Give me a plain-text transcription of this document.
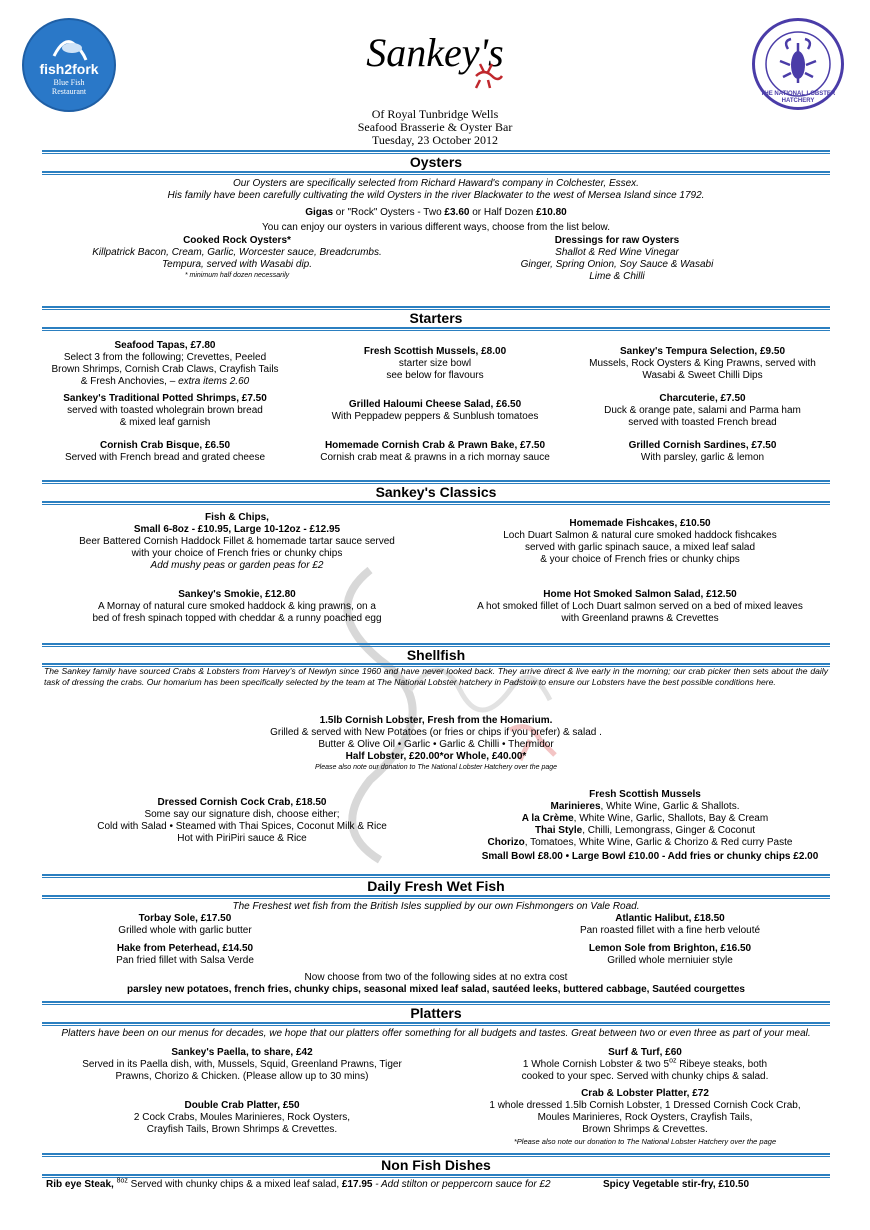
fish2fork
Blue Fish Restaurant	THE NATIONAL LOBSTER HATCHERY
Sankey's
Of Royal Tunbridge Wells
Seafood Brasserie & Oyster Bar
Tuesday, 23 October 2012
Oysters
Our Oysters are specifically selected from Richard Haward's company in Colchester, Essex.
His family have been carefully cultivating the wild Oysters in the river Blackwater to the west of Mersea Island since 1792.
Gigas or "Rock" Oysters - Two £3.60 or Half Dozen £10.80
You can enjoy our oysters in various different ways, choose from the list below.
Cooked Rock Oysters*
Killpatrick Bacon, Cream, Garlic, Worcester sauce, Breadcrumbs.
Tempura, served with Wasabi dip.
* minimum half dozen necessarily
Dressings for raw Oysters
Shallot & Red Wine Vinegar
Ginger, Spring Onion, Soy Sauce & Wasabi
Lime & Chilli
Starters
Seafood Tapas, £7.80
Select 3 from the following; Crevettes, Peeled
Brown Shrimps, Cornish Crab Claws, Crayfish Tails
& Fresh Anchovies, – extra items 2.60
Sankey's Traditional Potted Shrimps, £7.50
served with toasted wholegrain brown bread
& mixed leaf garnish
Cornish Crab Bisque, £6.50
Served with French bread and grated cheese
Fresh Scottish Mussels, £8.00
starter size bowl
see below for flavours
Grilled Haloumi Cheese Salad, £6.50
With Peppadew peppers & Sunblush tomatoes
Homemade Cornish Crab & Prawn Bake, £7.50
Cornish crab meat & prawns in a rich mornay sauce
Sankey's Tempura Selection, £9.50
Mussels, Rock Oysters & King Prawns, served with
Wasabi & Sweet Chilli Dips
Charcuterie, £7.50
Duck & orange pate, salami and Parma ham
served with toasted French bread
Grilled Cornish Sardines, £7.50
With parsley, garlic & lemon
Sankey's Classics
Fish & Chips,
Small 6-8oz - £10.95, Large 10-12oz - £12.95
Beer Battered Cornish Haddock Fillet & homemade tartar sauce served
with your choice of French fries or chunky chips
Add mushy peas or garden peas for £2
Sankey's Smokie, £12.80
A Mornay of natural cure smoked haddock & king prawns, on a
bed of fresh spinach topped with cheddar & a runny poached egg
Homemade Fishcakes, £10.50
Loch Duart Salmon & natural cure smoked haddock fishcakes
served with garlic spinach sauce, a mixed leaf salad
& your choice of French fries or chunky chips
Home Hot Smoked Salmon Salad, £12.50
A hot smoked fillet of Loch Duart salmon served on a bed of mixed leaves
with Greenland prawns & Crevettes
Shellfish
The Sankey family have sourced Crabs & Lobsters from Harvey's of Newlyn since 1960 and have never looked back. They arrive direct & live early in the morning; our crab picker then sets about the daily task of dressing the crabs. Our homarium has been specifically selected by the team at The National Lobster hatchery in Padstow to ensure our Lobsters have the best possible conditions here.
1.5lb Cornish Lobster, Fresh from the Homarium.
Grilled & served with New Potatoes (or fries or chips if you prefer) & salad .
Butter & Olive Oil • Garlic • Garlic & Chilli • Thermidor
Half Lobster, £20.00*or Whole, £40.00*
Please also note our donation to The National Lobster Hatchery over the page
Dressed Cornish Cock Crab, £18.50
Some say our signature dish, choose either;
Cold with Salad • Steamed with Thai Spices, Coconut Milk & Rice
Hot with PiriPiri sauce & Rice
Fresh Scottish Mussels
Marinieres, White Wine, Garlic & Shallots.
A la Crème, White Wine, Garlic, Shallots, Bay & Cream
Thai Style, Chilli, Lemongrass, Ginger & Coconut
Chorizo, Tomatoes, White Wine, Garlic & Chorizo & Red curry Paste
Small Bowl £8.00 • Large Bowl £10.00 - Add fries or chunky chips £2.00
Daily Fresh Wet Fish
The Freshest wet fish from the British Isles supplied by our own Fishmongers on Vale Road.
Torbay Sole, £17.50
Grilled whole with garlic butter
Hake from Peterhead, £14.50
Pan fried fillet with Salsa Verde
Atlantic Halibut, £18.50
Pan roasted fillet with a fine herb velouté
Lemon Sole from Brighton, £16.50
Grilled whole merniuier style
Now choose from two of the following sides at no extra cost
parsley new potatoes, french fries, chunky chips, seasonal mixed leaf salad, sautéed leeks, buttered cabbage, Sautéed courgettes
Platters
Platters have been on our menus for decades, we hope that our platters offer something for all budgets and tastes. Great between two or even three as part of your meal.
Sankey's Paella, to share, £42
Served in its Paella dish, with, Mussels, Squid, Greenland Prawns, Tiger
Prawns, Chorizo & Chicken. (Please allow up to 30 mins)
Double Crab Platter, £50
2 Cock Crabs, Moules Marinieres, Rock Oysters,
Crayfish Tails, Brown Shrimps & Crevettes.
Surf & Turf, £60
1 Whole Cornish Lobster & two $5^{oz}$ Ribeye steaks, both
cooked to your spec. Served with chunky chips & salad.
Crab & Lobster Platter, £72
1 whole dressed 1.5lb Cornish Lobster, 1 Dressed Cornish Cock Crab,
Moules Marinieres, Rock Oysters, Crayfish Tails,
Brown Shrimps & Crevettes.
*Please also note our donation to The National Lobster Hatchery over the page
Non Fish Dishes
Rib eye Steak, $^{8oz}$ Served with chunky chips & a mixed leaf salad, £17.95 - Add stilton or peppercorn sauce for £2	Spicy Vegetable stir-fry, £10.50
